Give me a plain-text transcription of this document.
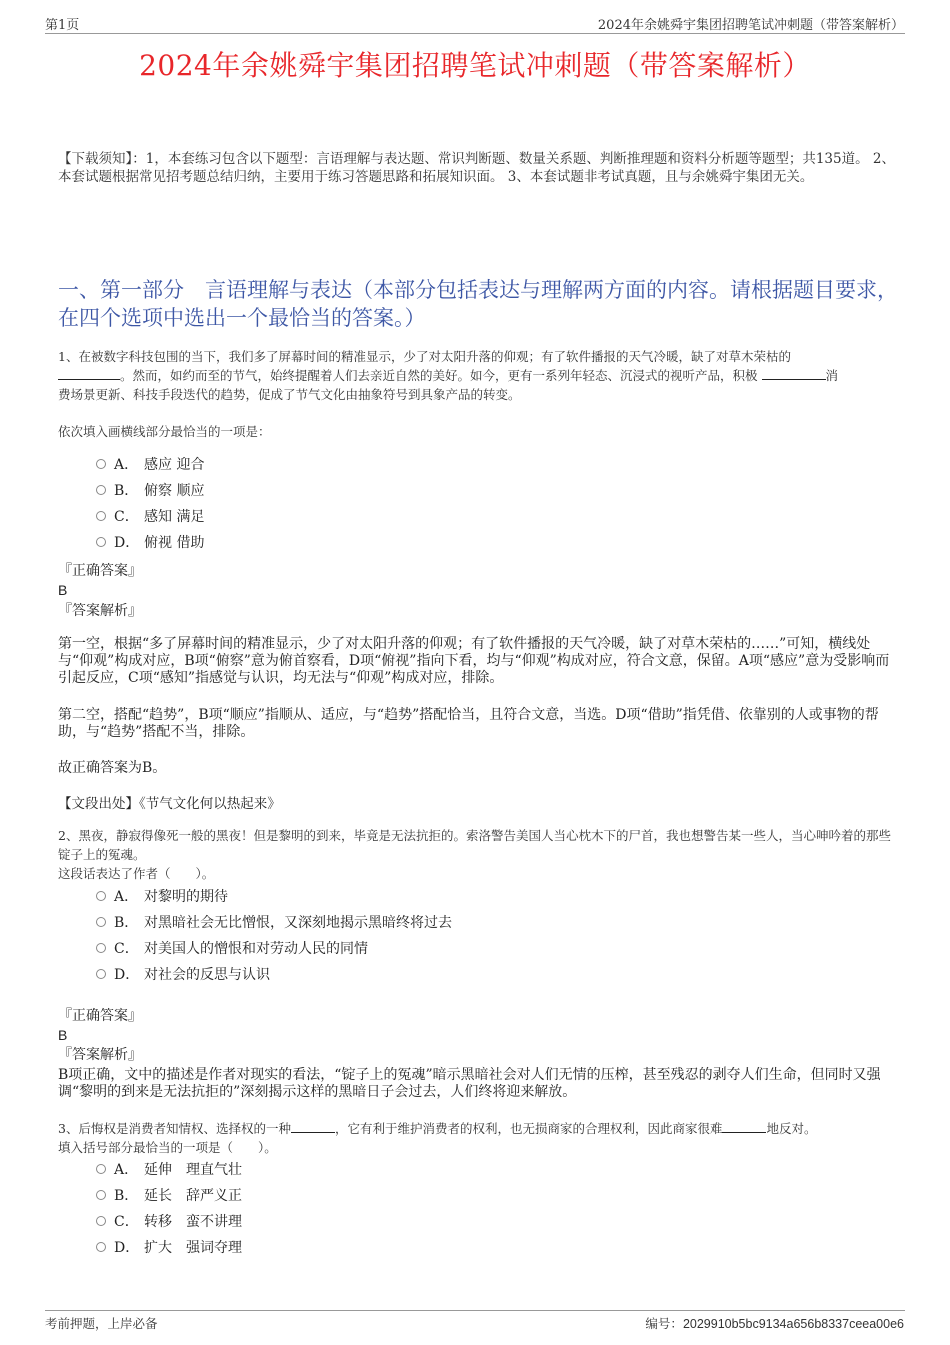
第1页	2024年余姚舜宇集团招聘笔试冲刺题（带答案解析）
2024年余姚舜宇集团招聘笔试冲刺题（带答案解析）
【下载须知】：1，本套练习包含以下题型：言语理解与表达题、常识判断题、数量关系题、判断推理题和资料分析题等题型；共135道。 2、本套试题根据常见招考题总结归纳，主要用于练习答题思路和拓展知识面。 3、本套试题非考试真题，且与余姚舜宇集团无关。
一、第一部分　言语理解与表达（本部分包括表达与理解两方面的内容。请根据题目要求，在四个选项中选出一个最恰当的答案。）
1、在被数字科技包围的当下，我们多了屏幕时间的精准显示，少了对太阳升落的仰观；有了软件播报的天气冷暖，缺了对草木荣枯的
。然而，如约而至的节气，始终提醒着人们去亲近自然的美好。如今，更有一系列年轻态、沉浸式的视听产品，积极	消
费场景更新、科技手段迭代的趋势，促成了节气文化由抽象符号到具象产品的转变。
依次填入画横线部分最恰当的一项是：
A． 感应 迎合
B． 俯察 顺应
C． 感知 满足
D． 俯视 借助
『正确答案』
B
『答案解析』
第一空，根据“多了屏幕时间的精准显示，少了对太阳升落的仰观；有了软件播报的天气冷暖，缺了对草木荣枯的……”可知，横线处与“仰观”构成对应，B项“俯察”意为俯首察看，D项“俯视”指向下看，均与“仰观”构成对应，符合文意，保留。A项“感应”意为受影响而引起反应，C项“感知”指感觉与认识，均无法与“仰观”构成对应，排除。
第二空，搭配“趋势”，B项“顺应”指顺从、适应，与“趋势”搭配恰当，且符合文意，当选。D项“借助”指凭借、依靠别的人或事物的帮助，与“趋势”搭配不当，排除。
故正确答案为B。
【文段出处】《节气文化何以热起来》
2、黑夜，静寂得像死一般的黑夜！但是黎明的到来，毕竟是无法抗拒的。索洛警告美国人当心枕木下的尸首，我也想警告某一些人，当心呻吟着的那些锭子上的冤魂。
这段话表达了作者（　　）。
A． 对黎明的期待
B． 对黑暗社会无比憎恨，又深刻地揭示黑暗终将过去
C． 对美国人的憎恨和对劳动人民的同情
D． 对社会的反思与认识
『正确答案』
B
『答案解析』
B项正确，文中的描述是作者对现实的看法，“锭子上的冤魂”暗示黑暗社会对人们无情的压榨，甚至残忍的剥夺人们生命，但同时又强调“黎明的到来是无法抗拒的”深刻揭示这样的黑暗日子会过去，人们终将迎来解放。
3、后悔权是消费者知情权、选择权的一种	，它有利于维护消费者的权利，也无损商家的合理权利，因此商家很难	地反对。
填入括号部分最恰当的一项是（　　）。
A． 延伸　理直气壮
B． 延长　辞严义正
C． 转移　蛮不讲理
D． 扩大　强词夺理
考前押题，上岸必备	编号：2029910b5bc9134a656b8337ceea00e6
